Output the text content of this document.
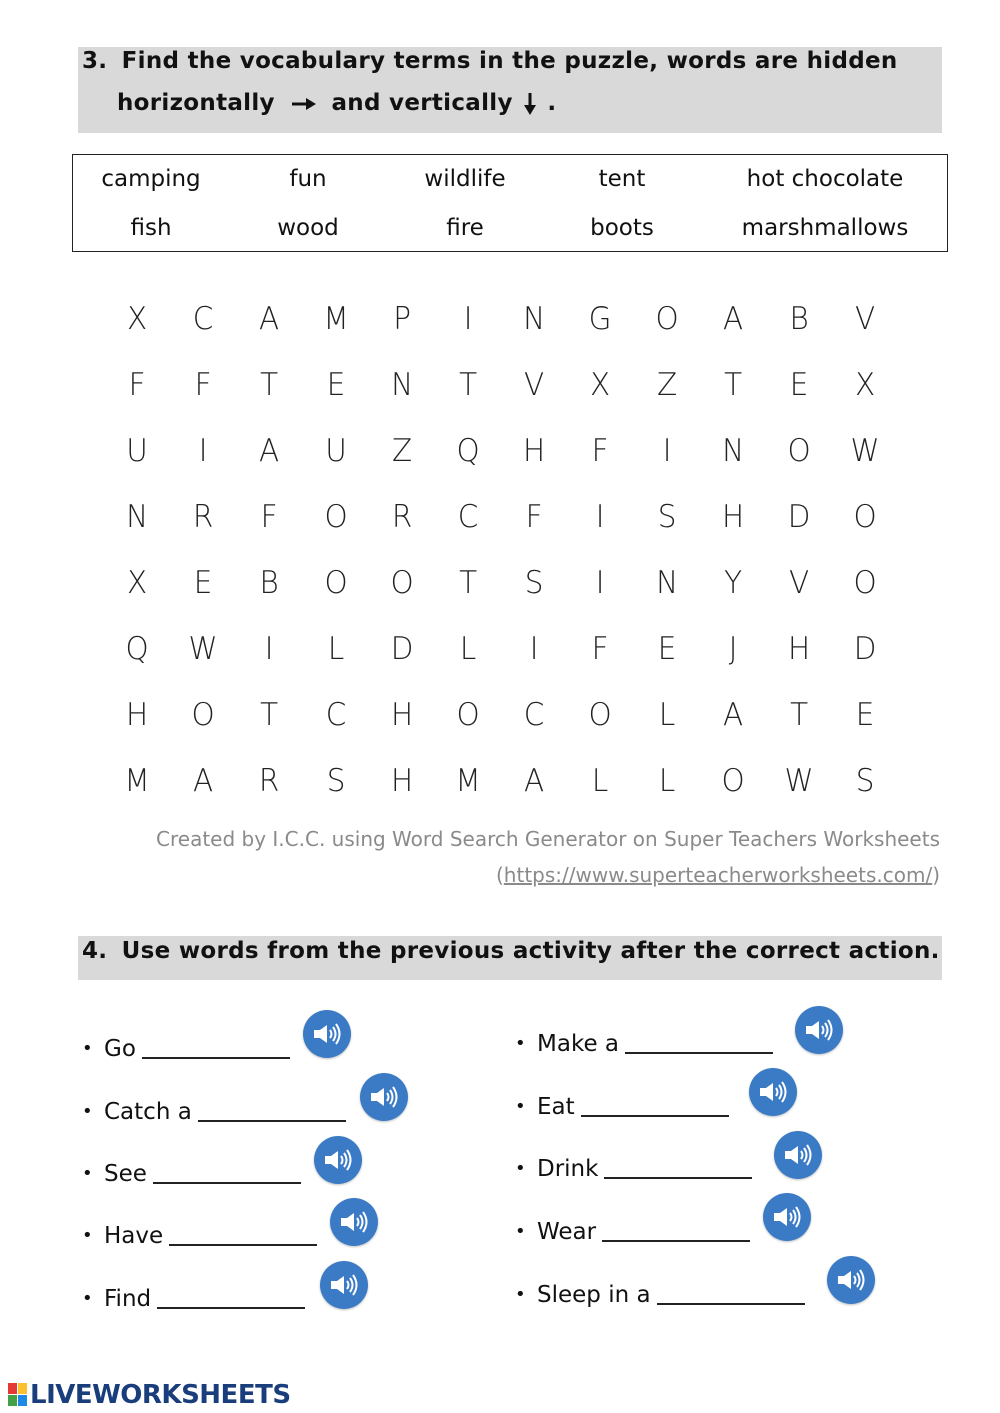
3. Find the vocabulary terms in the puzzle, words are hidden
horizontally and vertically .
camping	fun	wildlife	tent	hot chocolate
fish	wood	fire	boots	marshmallows
X	C	A	M	P	I	N	G	O	A	B	V
F	F	T	E	N	T	V	X	Z	T	E	X
U	I	A	U	Z	Q	H	F	I	N	O	W
N	R	F	O	R	C	F	I	S	H	D	O
X	E	B	O	O	T	S	I	N	Y	V	O
Q	W	I	L	D	L	I	F	E	J	H	D
H	O	T	C	H	O	C	O	L	A	T	E
M	A	R	S	H	M	A	L	L	O	W	S
Created by I.C.C. using Word Search Generator on Super Teachers Worksheets
(https://www.superteacherworksheets.com/)
4. Use words from the previous activity after the correct action.
• Go
• Catch a
• See
• Have
• Find
• Make a
• Eat
• Drink
• Wear
• Sleep in a
LIVEWORKSHEETS
